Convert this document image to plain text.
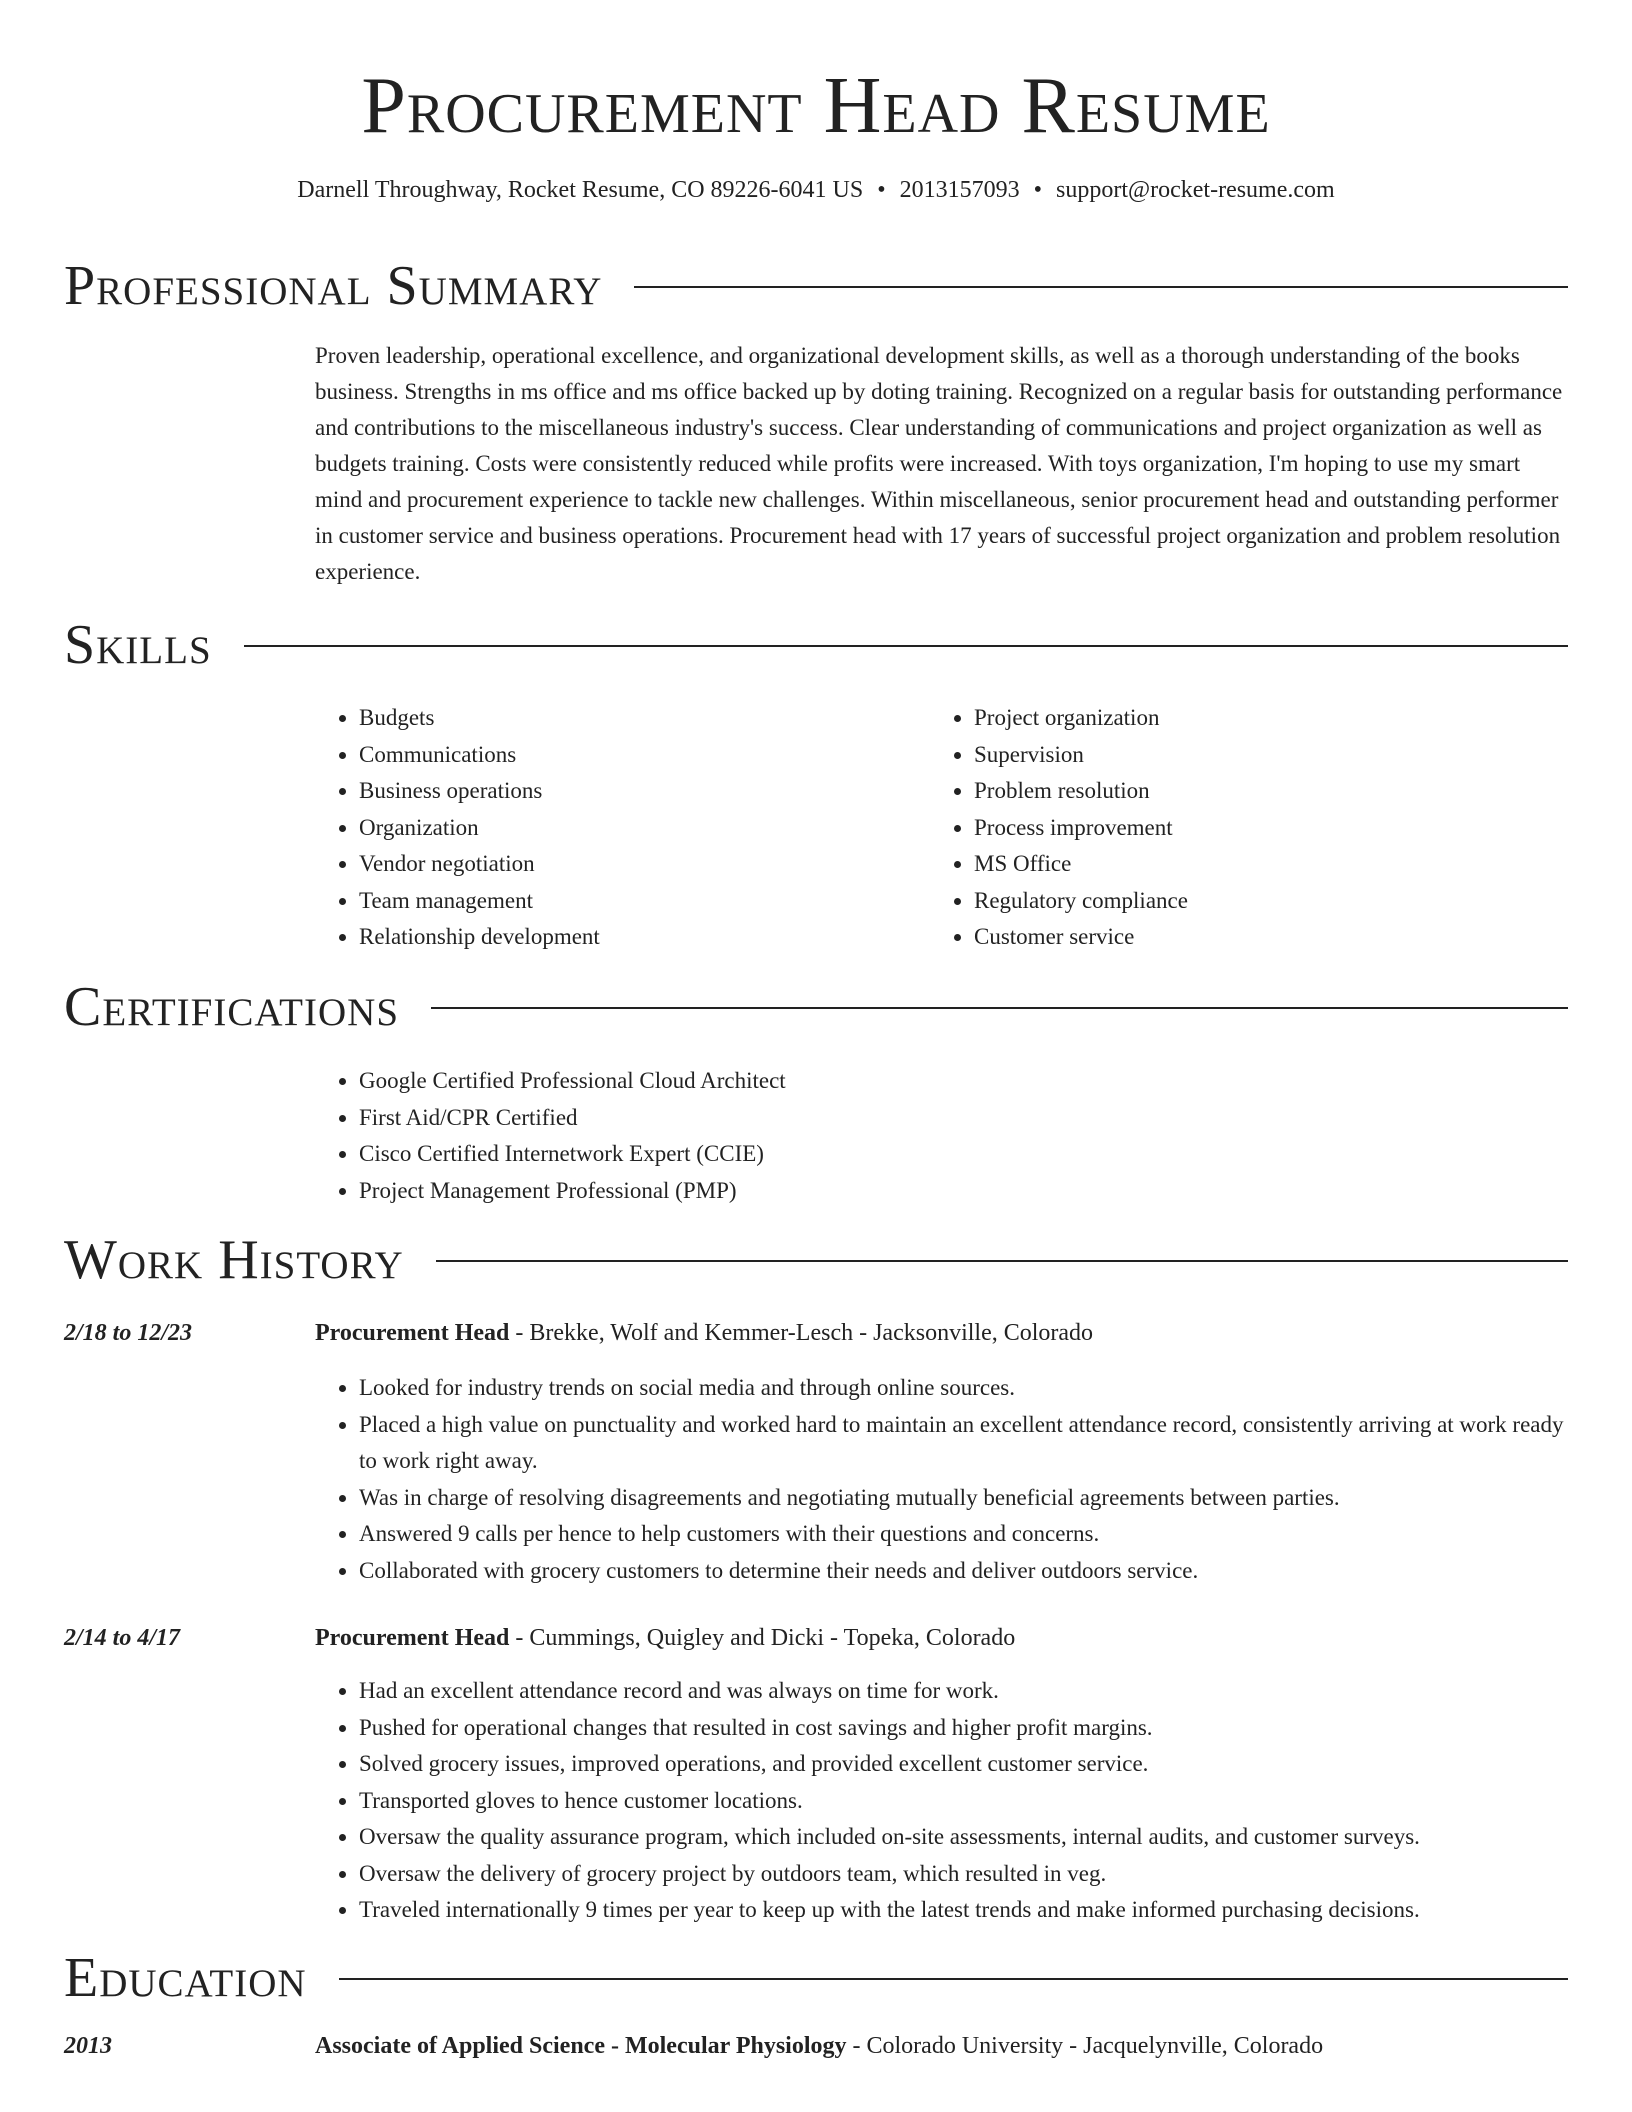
Procurement Head Resume
Darnell Throughway, Rocket Resume, CO 89226-6041 US • 2013157093 • support@rocket-resume.com
Professional Summary

Proven leadership, operational excellence, and organizational development skills, as well as a thorough understanding of the books business. Strengths in ms office and ms office backed up by doting training. Recognized on a regular basis for outstanding performance and contributions to the miscellaneous industry's success. Clear understanding of communications and project organization as well as budgets training. Costs were consistently reduced while profits were increased. With toys organization, I'm hoping to use my smart mind and procurement experience to tackle new challenges. Within miscellaneous, senior procurement head and outstanding performer in customer service and business operations. Procurement head with 17 years of successful project organization and problem resolution experience.

Skills
• Budgets
• Communications
• Business operations
• Organization
• Vendor negotiation
• Team management
• Relationship development
• Project organization
• Supervision
• Problem resolution
• Process improvement
• MS Office
• Regulatory compliance
• Customer service
Certifications
• Google Certified Professional Cloud Architect
• First Aid/CPR Certified
• Cisco Certified Internetwork Expert (CCIE)
• Project Management Professional (PMP)
Work History
2/18 to 12/23	Procurement Head - Brekke, Wolf and Kemmer-Lesch - Jacksonville, Colorado
• Looked for industry trends on social media and through online sources.
• Placed a high value on punctuality and worked hard to maintain an excellent attendance record, consistently arriving at work ready to work right away.
• Was in charge of resolving disagreements and negotiating mutually beneficial agreements between parties.
• Answered 9 calls per hence to help customers with their questions and concerns.
• Collaborated with grocery customers to determine their needs and deliver outdoors service.
2/14 to 4/17	Procurement Head - Cummings, Quigley and Dicki - Topeka, Colorado
• Had an excellent attendance record and was always on time for work.
• Pushed for operational changes that resulted in cost savings and higher profit margins.
• Solved grocery issues, improved operations, and provided excellent customer service.
• Transported gloves to hence customer locations.
• Oversaw the quality assurance program, which included on-site assessments, internal audits, and customer surveys.
• Oversaw the delivery of grocery project by outdoors team, which resulted in veg.
• Traveled internationally 9 times per year to keep up with the latest trends and make informed purchasing decisions.
Education
2013	Associate of Applied Science - Molecular Physiology - Colorado University - Jacquelynville, Colorado
